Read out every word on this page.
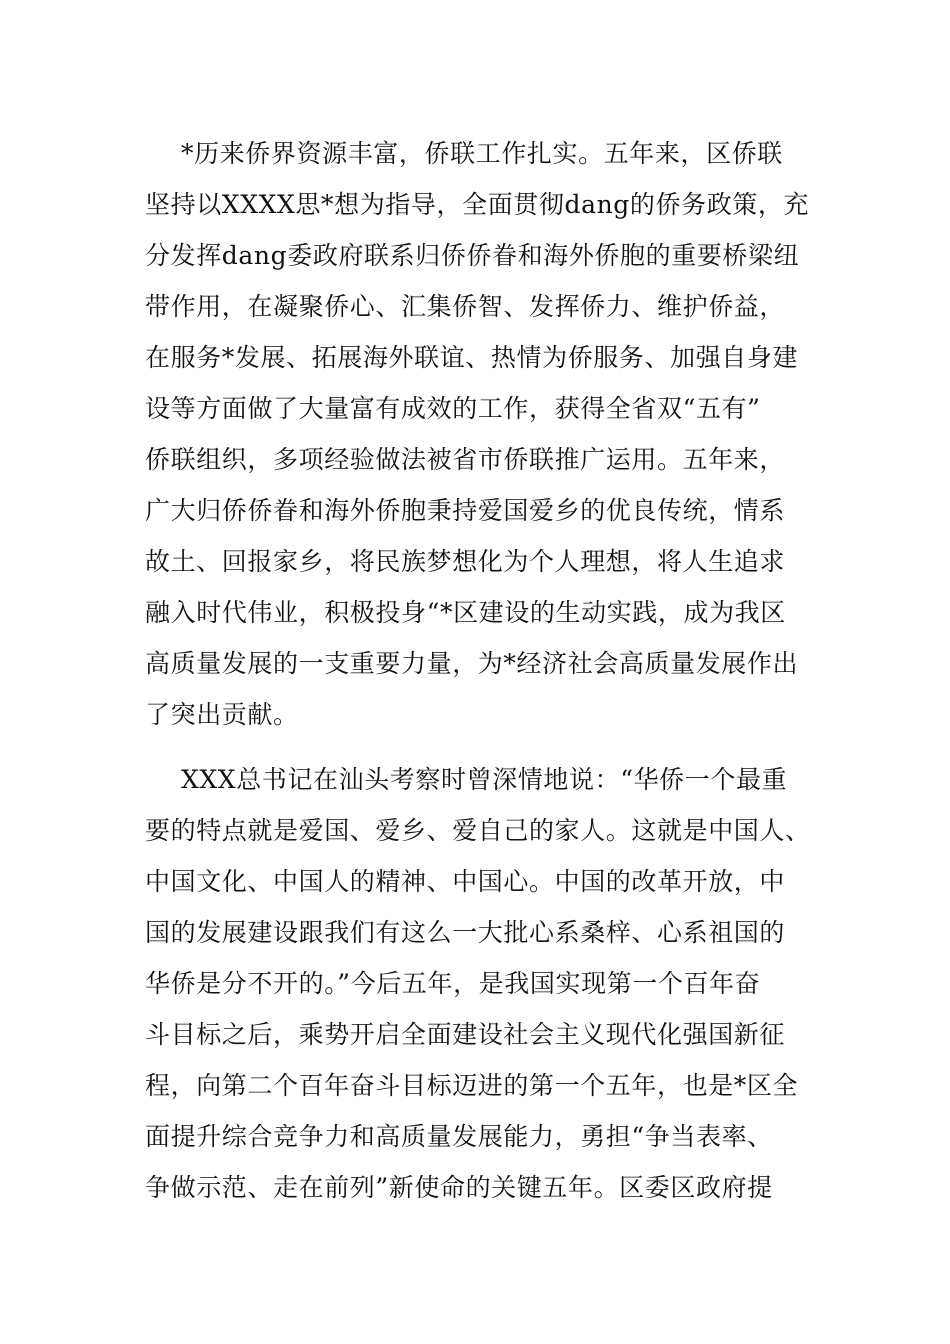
*历来侨界资源丰富，侨联工作扎实。五年来，区侨联
坚持以XXXX思*想为指导，全面贯彻dang的侨务政策，充
分发挥dang委政府联系归侨侨眷和海外侨胞的重要桥梁纽
带作用，在凝聚侨心、汇集侨智、发挥侨力、维护侨益，
在服务*发展、拓展海外联谊、热情为侨服务、加强自身建
设等方面做了大量富有成效的工作，获得全省双“五有”
侨联组织，多项经验做法被省市侨联推广运用。五年来，
广大归侨侨眷和海外侨胞秉持爱国爱乡的优良传统，情系
故土、回报家乡，将民族梦想化为个人理想，将人生追求
融入时代伟业，积极投身“*区建设的生动实践，成为我区
高质量发展的一支重要力量，为*经济社会高质量发展作出
了突出贡献。
XXX总书记在汕头考察时曾深情地说：“华侨一个最重
要的特点就是爱国、爱乡、爱自己的家人。这就是中国人、
中国文化、中国人的精神、中国心。中国的改革开放，中
国的发展建设跟我们有这么一大批心系桑梓、心系祖国的
华侨是分不开的。”今后五年，是我国实现第一个百年奋
斗目标之后，乘势开启全面建设社会主义现代化强国新征
程，向第二个百年奋斗目标迈进的第一个五年，也是*区全
面提升综合竞争力和高质量发展能力，勇担“争当表率、
争做示范、走在前列”新使命的关键五年。区委区政府提
